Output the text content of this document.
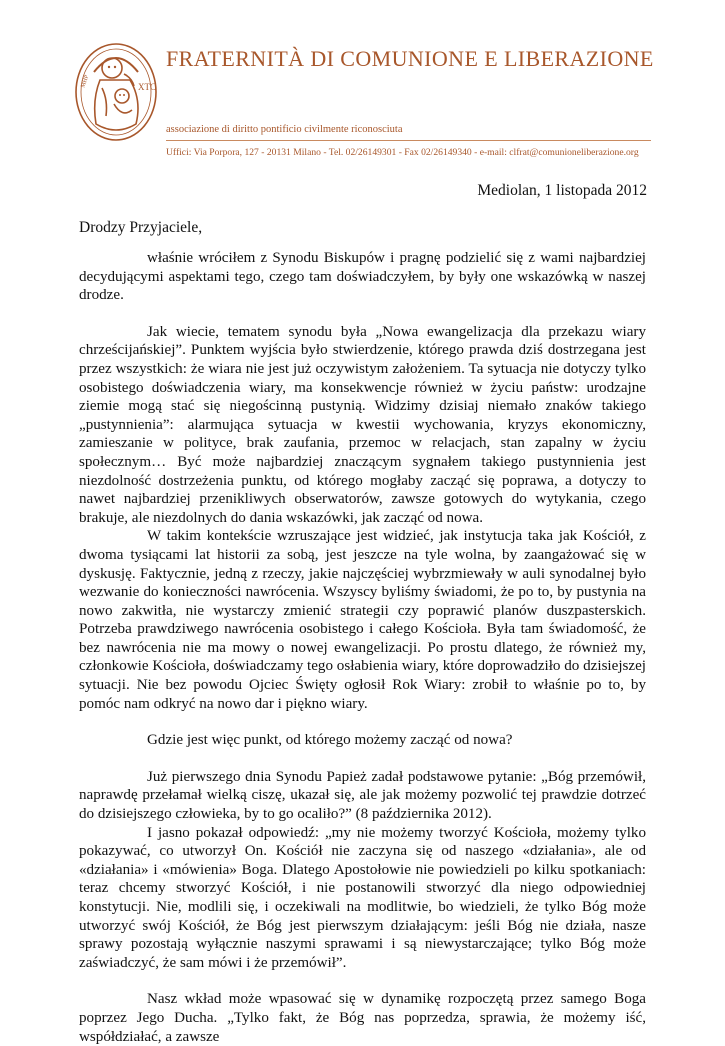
XTC
MHP
FRATERNITÀ DI COMUNIONE E LIBERAZIONE
associazione di diritto pontificio civilmente riconosciuta
Uffici: Via Porpora, 127 - 20131 Milano - Tel. 02/26149301 - Fax 02/26149340 - e-mail: clfrat@comunioneliberazione.org
Mediolan, 1 listopada 2012
Drodzy Przyjaciele,

właśnie wróciłem z Synodu Biskupów i pragnę podzielić się z wami najbardziej decydującymi aspektami tego, czego tam doświadczyłem, by były one wskazówką w naszej drodze.

Jak wiecie, tematem synodu była „Nowa ewangelizacja dla przekazu wiary chrześcijańskiej”. Punktem wyjścia było stwierdzenie, którego prawda dziś dostrzegana jest przez wszystkich: że wiara nie jest już oczywistym założeniem. Ta sytuacja nie dotyczy tylko osobistego doświadczenia wiary, ma konsekwencje również w życiu państw: urodzajne ziemie mogą stać się niegościnną pustynią. Widzimy dzisiaj niemało znaków takiego „pustynnienia”: alarmująca sytuacja w kwestii wychowania, kryzys ekonomiczny, zamieszanie w polityce, brak zaufania, przemoc w relacjach, stan zapalny w życiu społecznym… Być może najbardziej znaczącym sygnałem takiego pustynnienia jest niezdolność dostrzeżenia punktu, od którego mogłaby zacząć się poprawa, a dotyczy to nawet najbardziej przenikliwych obserwatorów, zawsze gotowych do wytykania, czego brakuje, ale niezdolnych do dania wskazówki, jak zacząć od nowa.

W takim kontekście wzruszające jest widzieć, jak instytucja taka jak Kościół, z dwoma tysiącami lat historii za sobą, jest jeszcze na tyle wolna, by zaangażować się w dyskusję. Faktycznie, jedną z rzeczy, jakie najczęściej wybrzmiewały w auli synodalnej było wezwanie do konieczności nawrócenia. Wszyscy byliśmy świadomi, że po to, by pustynia na nowo zakwitła, nie wystarczy zmienić strategii czy poprawić planów duszpasterskich. Potrzeba prawdziwego nawrócenia osobistego i całego Kościoła. Była tam świadomość, że bez nawrócenia nie ma mowy o nowej ewangelizacji. Po prostu dlatego, że również my, członkowie Kościoła, doświadczamy tego osłabienia wiary, które doprowadziło do dzisiejszej sytuacji. Nie bez powodu Ojciec Święty ogłosił Rok Wiary: zrobił to właśnie po to, by pomóc nam odkryć na nowo dar i piękno wiary.

Gdzie jest więc punkt, od którego możemy zacząć od nowa?

Już pierwszego dnia Synodu Papież zadał podstawowe pytanie: „Bóg przemówił, naprawdę przełamał wielką ciszę, ukazał się, ale jak możemy pozwolić tej prawdzie dotrzeć do dzisiejszego człowieka, by to go ocaliło?” (8 października 2012).

I jasno pokazał odpowiedź: „my nie możemy tworzyć Kościoła, możemy tylko pokazywać, co utworzył On. Kościół nie zaczyna się od naszego «działania», ale od «działania» i «mówienia» Boga. Dlatego Apostołowie nie powiedzieli po kilku spotkaniach: teraz chcemy stworzyć Kościół, i nie postanowili stworzyć dla niego odpowiedniej konstytucji. Nie, modlili się, i oczekiwali na modlitwie, bo wiedzieli, że tylko Bóg może utworzyć swój Kościół, że Bóg jest pierwszym działającym: jeśli Bóg nie działa, nasze sprawy pozostają wyłącznie naszymi sprawami i są niewystarczające; tylko Bóg może zaświadczyć, że sam mówi i że przemówił”.

Nasz wkład może wpasować się w dynamikę rozpoczętą przez samego Boga poprzez Jego Ducha. „Tylko fakt, że Bóg nas poprzedza, sprawia, że możemy iść, współdziałać, a zawsze
